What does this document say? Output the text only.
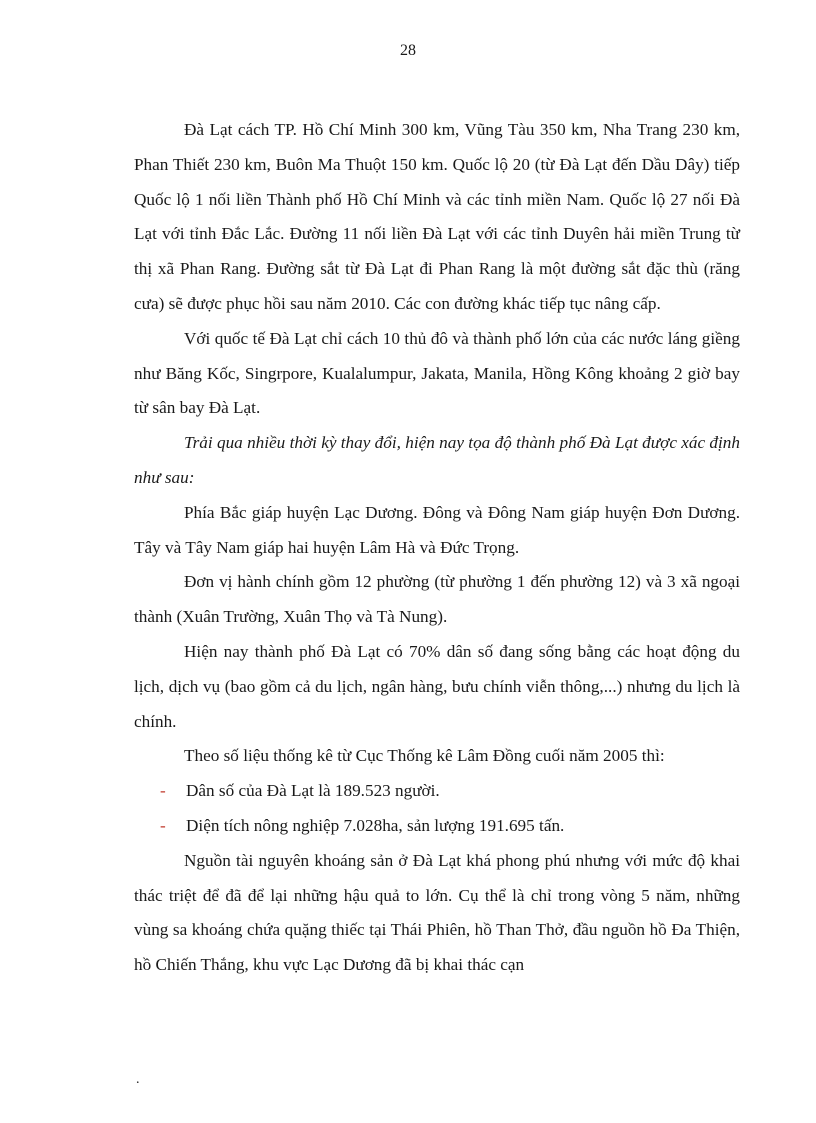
28

Đà Lạt cách TP. Hồ Chí Minh 300 km, Vũng Tàu 350 km, Nha Trang 230 km, Phan Thiết 230 km, Buôn Ma Thuột 150 km. Quốc lộ 20 (từ Đà Lạt đến Dầu Dây) tiếp Quốc lộ 1 nối liền Thành phố Hồ Chí Minh và các tỉnh miền Nam. Quốc lộ 27 nối Đà Lạt với tỉnh Đắc Lắc. Đường 11 nối liền Đà Lạt với các tỉnh Duyên hải miền Trung từ thị xã Phan Rang. Đường sắt từ Đà Lạt đi Phan Rang là một đường sắt đặc thù (răng cưa) sẽ được phục hồi sau năm 2010. Các con đường khác tiếp tục nâng cấp.

Với quốc tế Đà Lạt chỉ cách 10 thủ đô và thành phố lớn của các nước láng giềng như Băng Kốc, Singrpore, Kualalumpur, Jakata, Manila, Hồng Kông khoảng 2 giờ bay từ sân bay Đà Lạt.

Trải qua nhiều thời kỳ thay đổi, hiện nay tọa độ thành phố Đà Lạt được xác định như sau:

Phía Bắc giáp huyện Lạc Dương. Đông và Đông Nam giáp huyện Đơn Dương. Tây và Tây Nam giáp hai huyện Lâm Hà và Đức Trọng.

Đơn vị hành chính gồm 12 phường (từ phường 1 đến phường 12) và 3 xã ngoại thành (Xuân Trường, Xuân Thọ và Tà Nung).

Hiện nay thành phố Đà Lạt có 70% dân số đang sống bằng các hoạt động du lịch, dịch vụ (bao gồm cả du lịch, ngân hàng, bưu chính viễn thông,...) nhưng du lịch là chính.

Theo số liệu thống kê từ Cục Thống kê Lâm Đồng cuối năm 2005 thì:

- Dân số của Đà Lạt là 189.523 người.
- Diện tích nông nghiệp 7.028ha, sản lượng 191.695 tấn.

Nguồn tài nguyên khoáng sản ở Đà Lạt khá phong phú nhưng với mức độ khai thác triệt để đã để lại những hậu quả to lớn. Cụ thể là chỉ trong vòng 5 năm, những vùng sa khoáng chứa quặng thiếc tại Thái Phiên, hồ Than Thở, đầu nguồn hồ Đa Thiện, hồ Chiến Thắng, khu vực Lạc Dương đã bị khai thác cạn

.
